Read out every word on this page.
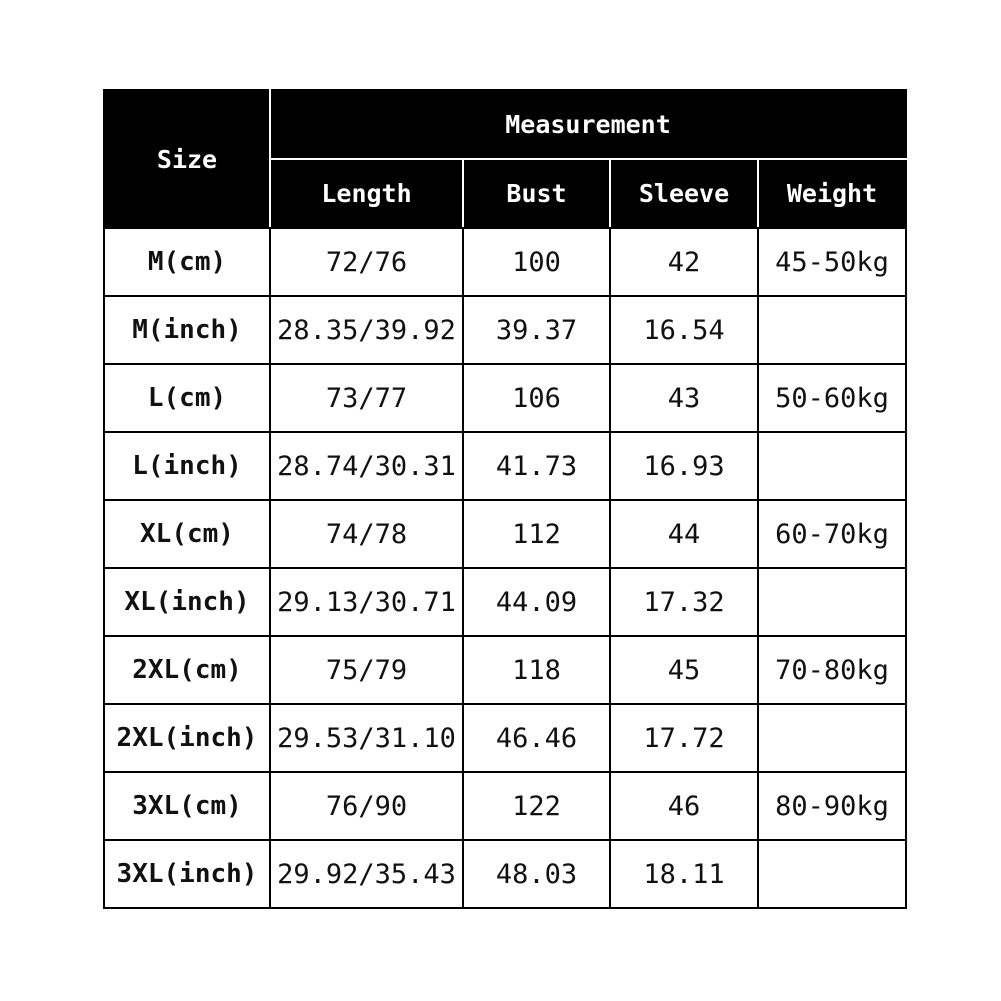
Size	Measurement			
	Length	Bust	Sleeve	Weight
M(cm)	72/76	100	42	45-50kg
M(inch)	28.35/39.92	39.37	16.54	
L(cm)	73/77	106	43	50-60kg
L(inch)	28.74/30.31	41.73	16.93	
XL(cm)	74/78	112	44	60-70kg
XL(inch)	29.13/30.71	44.09	17.32	
2XL(cm)	75/79	118	45	70-80kg
2XL(inch)	29.53/31.10	46.46	17.72	
3XL(cm)	76/90	122	46	80-90kg
3XL(inch)	29.92/35.43	48.03	18.11	
